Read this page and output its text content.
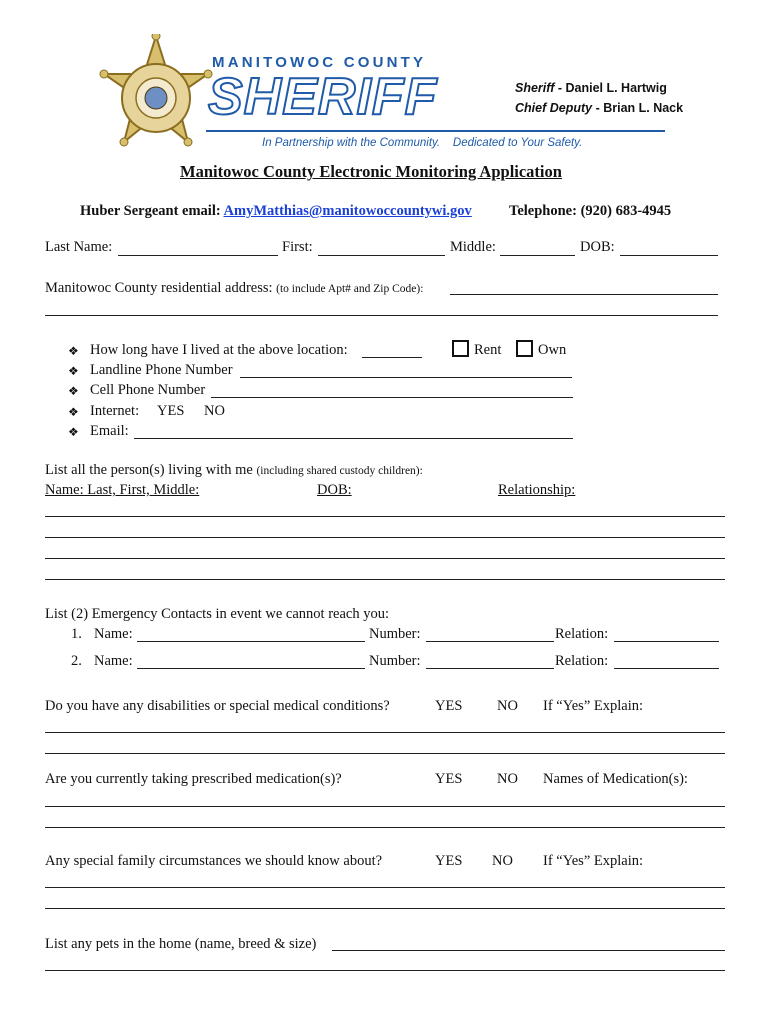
MANITOWOC COUNTY
SHERIFF	Sheriff - Daniel L. Hartwig
Chief Deputy - Brian L. Nack
In Partnership with the Community. Dedicated to Your Safety.
Manitowoc County Electronic Monitoring Application
Huber Sergeant email: AmyMatthias@manitowoccountywi.gov	Telephone: (920) 683-4945
Last Name:	First:	Middle:	DOB:
Manitowoc County residential address: (to include Apt# and Zip Code):
❖ How long have I lived at the above location:	Rent	Own
❖ Landline Phone Number
❖ Cell Phone Number
❖ Internet: YES NO
❖ Email:
List all the person(s) living with me (including shared custody children):
Name: Last, First, Middle:	DOB:	Relationship:
List (2) Emergency Contacts in event we cannot reach you:
1. Name:	Number:	Relation:
2. Name:	Number:	Relation:
Do you have any disabilities or special medical conditions?	YES NO If “Yes” Explain:
Are you currently taking prescribed medication(s)?	YES NO Names of Medication(s):
Any special family circumstances we should know about?	YES NO If “Yes” Explain:
List any pets in the home (name, breed & size)
